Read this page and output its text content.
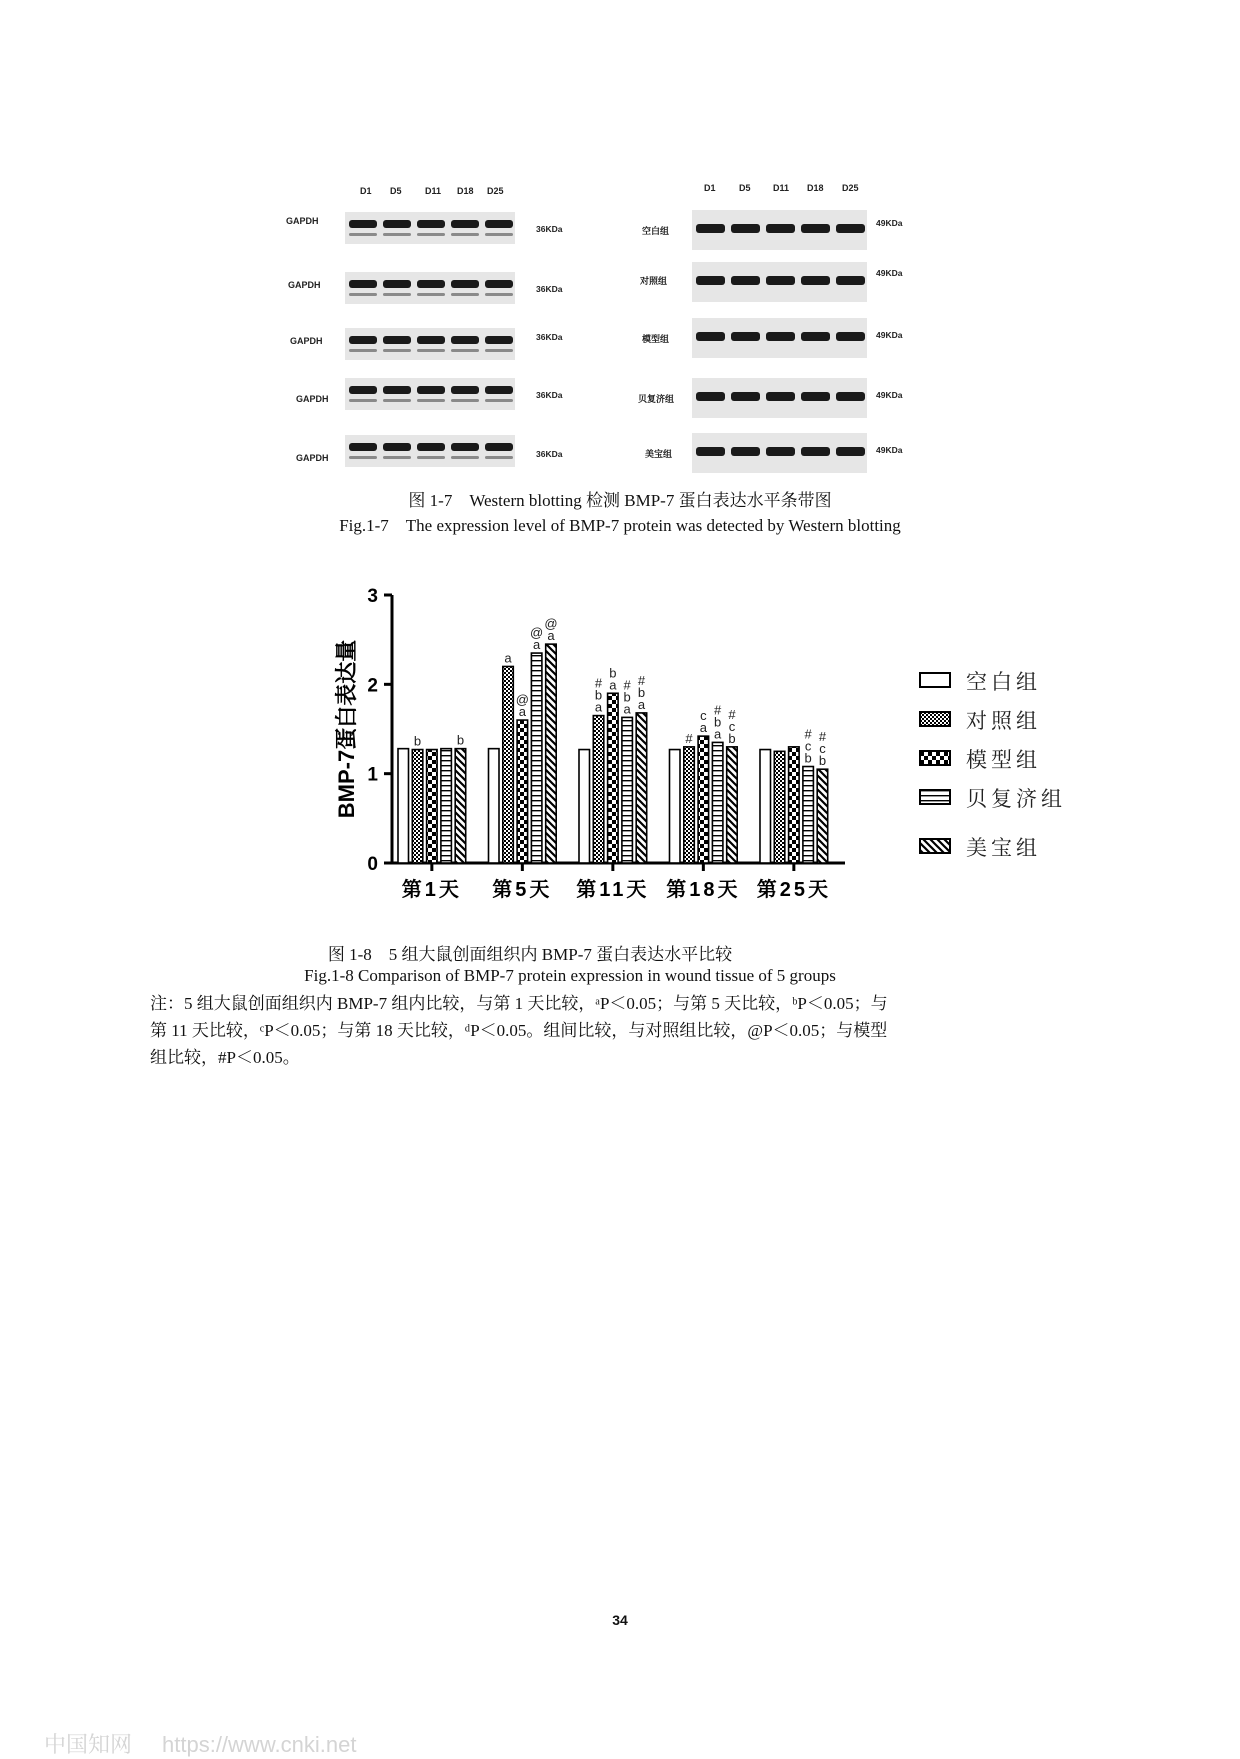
D1 D5	D11 D18 D25
GAPDH
36KDa
GAPDH	36KDa
GAPDH	36KDa
GAPDH	36KDa
GAPDH	36KDa
D1	D5 D11 D18 D25
空白组
49KDa
对照组
49KDa
模型组	49KDa
贝复济组	49KDa
美宝组	49KDa
图 1-7　Western blotting 检测 BMP-7 蛋白表达水平条带图
Fig.1-7　The expression level of BMP-7 protein was detected by Western blotting
0
1
2
3
BMP-7蛋白表达量	b	b
第1天
a
@
a
@
a
@
a
第5天
#
b
a
b
a #
b
a
#
b
a
第11天
#
c
a
#
b
a
#
c
b
第18天
#
c
b
#
c
b
第25天
空白组
对照组
模型组
贝复济组
美宝组
图 1-8　5 组大鼠创面组织内 BMP-7 蛋白表达水平比较
Fig.1-8 Comparison of BMP-7 protein expression in wound tissue of 5 groups
注：5 组大鼠创面组织内 BMP-7 组内比较，与第 1 天比较，ᵃP＜0.05；与第 5 天比较，ᵇP＜0.05；与
第 11 天比较，ᶜP＜0.05；与第 18 天比较，ᵈP＜0.05。组间比较，与对照组比较，@P＜0.05；与模型
组比较，#P＜0.05。
34
中国知网 https://www.cnki.net
